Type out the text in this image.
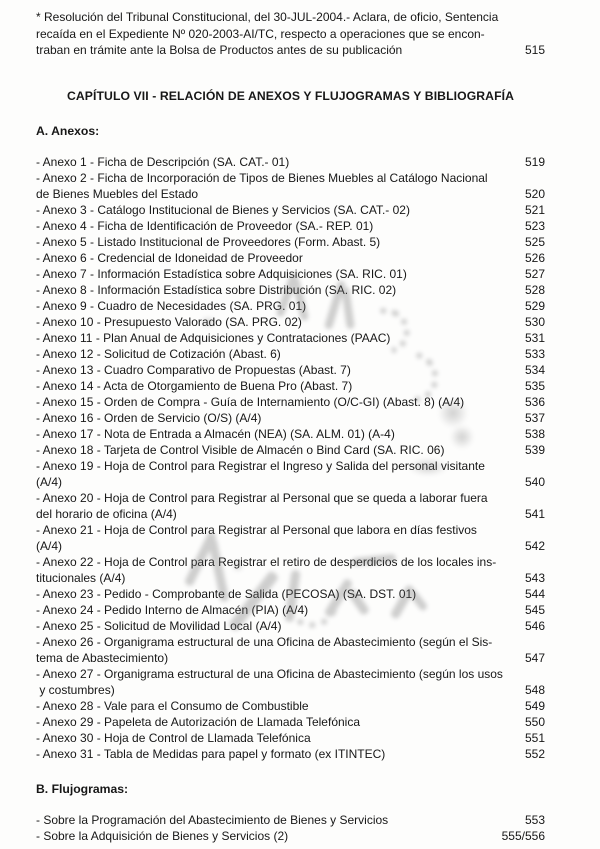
* Resolución del Tribunal Constitucional, del 30-JUL-2004.- Aclara, de oficio, Sentencia
recaída en el Expediente Nº 020-2003-AI/TC, respecto a operaciones que se encon-
traban en trámite ante la Bolsa de Productos antes de su publicación	515
CAPÍTULO VII - RELACIÓN DE ANEXOS Y FLUJOGRAMAS Y BIBLIOGRAFÍA
A. Anexos:
- Anexo 1 - Ficha de Descripción (SA. CAT.- 01)	519
- Anexo 2 - Ficha de Incorporación de Tipos de Bienes Muebles al Catálogo Nacional
de Bienes Muebles del Estado	520
- Anexo 3 - Catálogo Institucional de Bienes y Servicios (SA. CAT.- 02)	521
- Anexo 4 - Ficha de Identificación de Proveedor (SA.- REP. 01)	523
- Anexo 5 - Listado Institucional de Proveedores (Form. Abast. 5)	525
- Anexo 6 - Credencial de Idoneidad de Proveedor	526
- Anexo 7 - Información Estadística sobre Adquisiciones (SA. RIC. 01)	527
- Anexo 8 - Información Estadística sobre Distribución (SA. RIC. 02)	528
- Anexo 9 - Cuadro de Necesidades (SA. PRG. 01)	529
- Anexo 10 - Presupuesto Valorado (SA. PRG. 02)	530
- Anexo 11 - Plan Anual de Adquisiciones y Contrataciones (PAAC)	531
- Anexo 12 - Solicitud de Cotización (Abast. 6)	533
- Anexo 13 - Cuadro Comparativo de Propuestas (Abast. 7)	534
- Anexo 14 - Acta de Otorgamiento de Buena Pro (Abast. 7)	535
- Anexo 15 - Orden de Compra - Guía de Internamiento (O/C-GI) (Abast. 8) (A/4)	536
- Anexo 16 - Orden de Servicio (O/S) (A/4)	537
- Anexo 17 - Nota de Entrada a Almacén (NEA) (SA. ALM. 01) (A-4)	538
- Anexo 18 - Tarjeta de Control Visible de Almacén o Bind Card (SA. RIC. 06)	539
- Anexo 19 - Hoja de Control para Registrar el Ingreso y Salida del personal visitante
(A/4)	540
- Anexo 20 - Hoja de Control para Registrar al Personal que se queda a laborar fuera
del horario de oficina (A/4)	541
- Anexo 21 - Hoja de Control para Registrar al Personal que labora en días festivos
(A/4)	542
- Anexo 22 - Hoja de Control para Registrar el retiro de desperdicios de los locales ins-
titucionales (A/4)	543
- Anexo 23 - Pedido - Comprobante de Salida (PECOSA) (SA. DST. 01)	544
- Anexo 24 - Pedido Interno de Almacén (PIA) (A/4)	545
- Anexo 25 - Solicitud de Movilidad Local (A/4)	546
- Anexo 26 - Organigrama estructural de una Oficina de Abastecimiento (según el Sis-
tema de Abastecimiento)	547
- Anexo 27 - Organigrama estructural de una Oficina de Abastecimiento (según los usos
y costumbres)	548
- Anexo 28 - Vale para el Consumo de Combustible	549
- Anexo 29 - Papeleta de Autorización de Llamada Telefónica	550
- Anexo 30 - Hoja de Control de Llamada Telefónica	551
- Anexo 31 - Tabla de Medidas para papel y formato (ex ITINTEC)	552
B. Flujogramas:
- Sobre la Programación del Abastecimiento de Bienes y Servicios	553
- Sobre la Adquisición de Bienes y Servicios (2)	555/556
